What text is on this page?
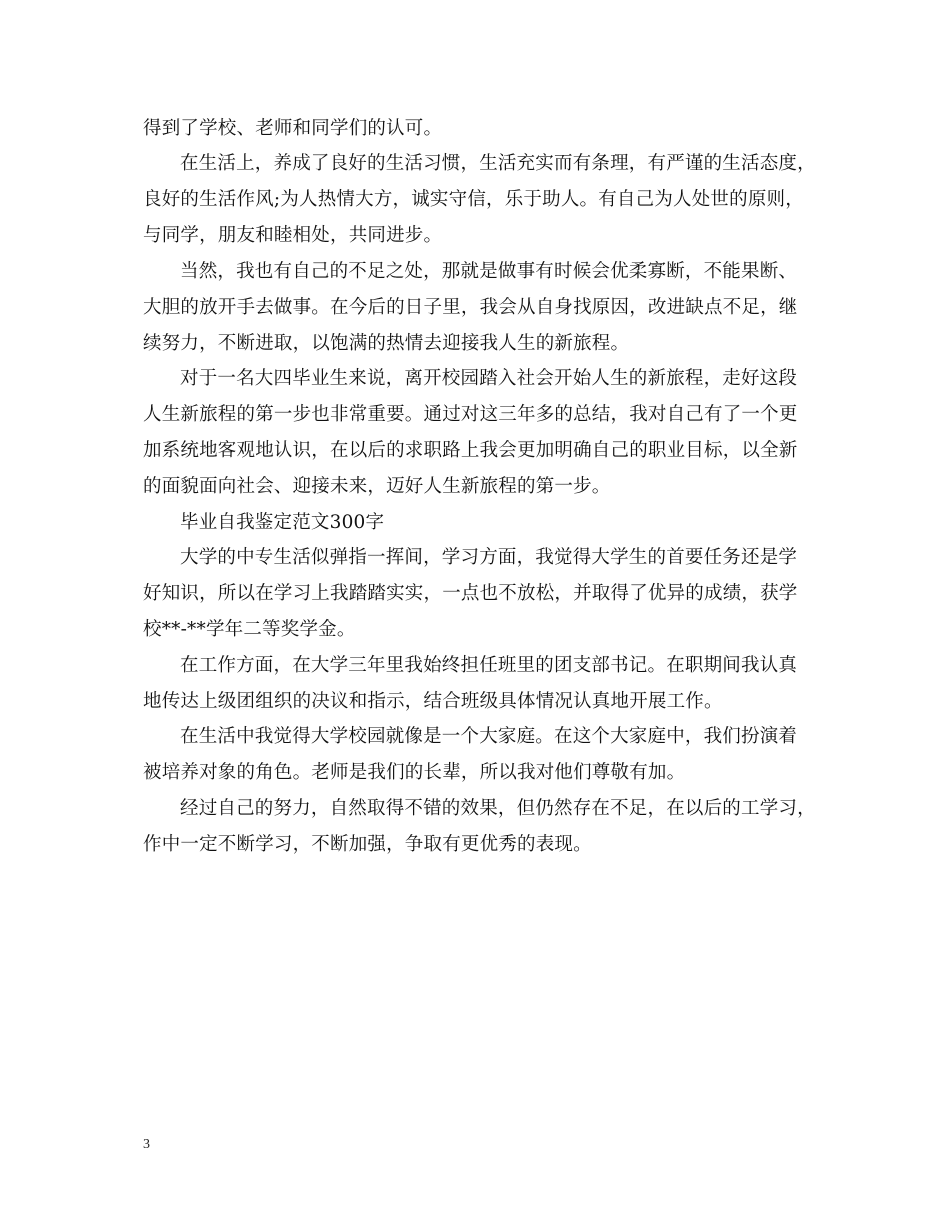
得到了学校、老师和同学们的认可。
在生活上，养成了良好的生活习惯，生活充实而有条理，有严谨的生活态度，
良好的生活作风;为人热情大方，诚实守信，乐于助人。有自己为人处世的原则，
与同学，朋友和睦相处，共同进步。
当然，我也有自己的不足之处，那就是做事有时候会优柔寡断，不能果断、
大胆的放开手去做事。在今后的日子里，我会从自身找原因，改进缺点不足，继
续努力，不断进取，以饱满的热情去迎接我人生的新旅程。
对于一名大四毕业生来说，离开校园踏入社会开始人生的新旅程，走好这段
人生新旅程的第一步也非常重要。通过对这三年多的总结，我对自己有了一个更
加系统地客观地认识，在以后的求职路上我会更加明确自己的职业目标，以全新
的面貌面向社会、迎接未来，迈好人生新旅程的第一步。
毕业自我鉴定范文300字
大学的中专生活似弹指一挥间，学习方面，我觉得大学生的首要任务还是学
好知识，所以在学习上我踏踏实实，一点也不放松，并取得了优异的成绩，获学
校**-**学年二等奖学金。
在工作方面，在大学三年里我始终担任班里的团支部书记。在职期间我认真
地传达上级团组织的决议和指示，结合班级具体情况认真地开展工作。
在生活中我觉得大学校园就像是一个大家庭。在这个大家庭中，我们扮演着
被培养对象的角色。老师是我们的长辈，所以我对他们尊敬有加。
经过自己的努力，自然取得不错的效果，但仍然存在不足，在以后的工学习，
作中一定不断学习，不断加强，争取有更优秀的表现。
3
